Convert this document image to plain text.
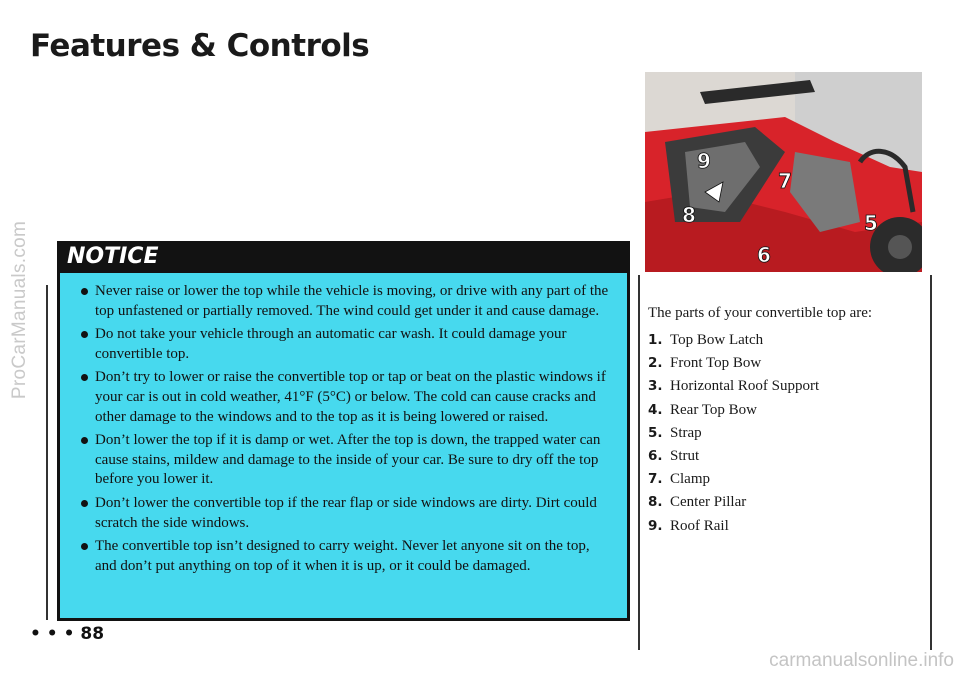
ProCarManuals.com
Features & Controls
NOTICE
Never raise or lower the top while the vehicle is moving, or drive with any part of the top unfastened or partially removed. The wind could get under it and cause damage.
Do not take your vehicle through an automatic car wash. It could damage your convertible top.
Don’t try to lower or raise the convertible top or tap or beat on the plastic windows if your car is out in cold weather, 41°F (5°C) or below. The cold can cause cracks and other damage to the windows and to the top as it is being lowered or raised.
Don’t lower the top if it is damp or wet. After the top is down, the trapped water can cause stains, mildew and damage to the inside of your car. Be sure to dry off the top before you lower it.
Don’t lower the convertible top if the rear flap or side windows are dirty. Dirt could scratch the side windows.
The convertible top isn’t designed to carry weight. Never let anyone sit on the top, and don’t put anything on top of it when it is up, or it could be damaged.
• • • 88
9
7
8
6
5

The parts of your convertible top are:

1. Top Bow Latch
2. Front Top Bow
3. Horizontal Roof Support
4. Rear Top Bow
5. Strap
6. Strut
7. Clamp
8. Center Pillar
9. Roof Rail
carmanualsonline.info
